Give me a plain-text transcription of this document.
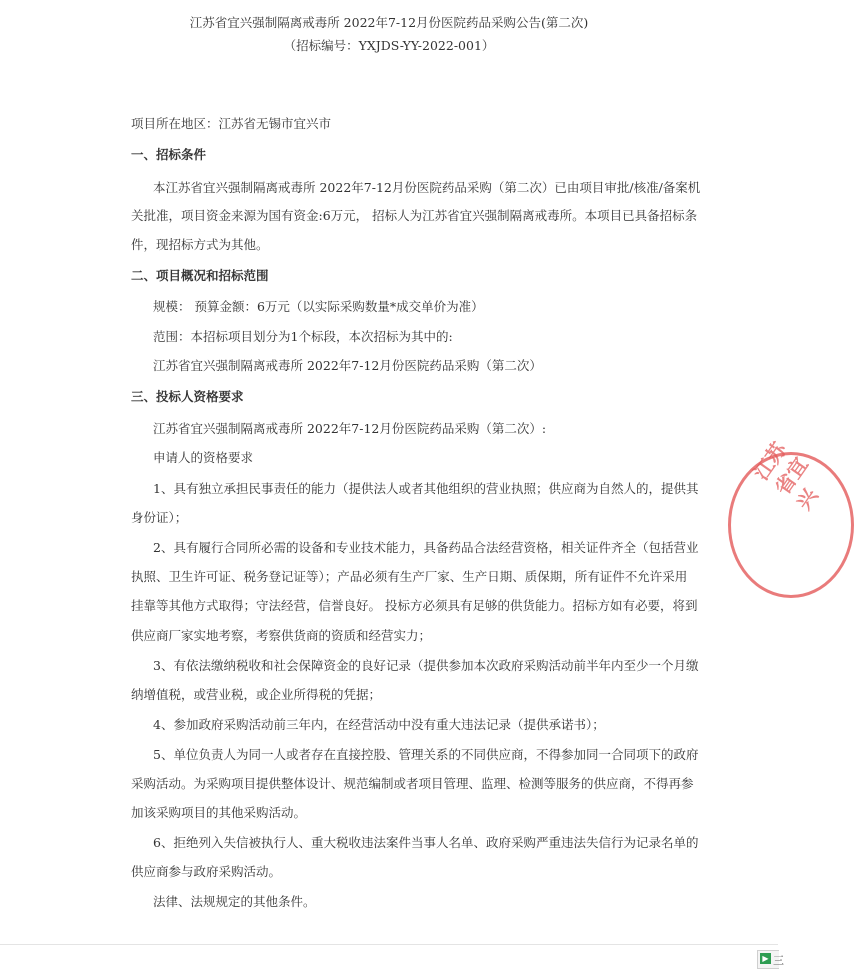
江苏省宜兴强制隔离戒毒所 2022年7-12月份医院药品采购公告(第二次)
（招标编号：YXJDS-YY-2022-001）
项目所在地区：江苏省无锡市宜兴市
一、招标条件
本江苏省宜兴强制隔离戒毒所 2022年7-12月份医院药品采购（第二次）已由项目审批/核准/备案机
关批准，项目资金来源为国有资金:6万元， 招标人为江苏省宜兴强制隔离戒毒所。本项目已具备招标条
件，现招标方式为其他。
二、项目概况和招标范围
规模： 预算金额：6万元（以实际采购数量*成交单价为准）
范围：本招标项目划分为1个标段，本次招标为其中的:
江苏省宜兴强制隔离戒毒所 2022年7-12月份医院药品采购（第二次）
三、投标人资格要求
江苏省宜兴强制隔离戒毒所 2022年7-12月份医院药品采购（第二次）:
申请人的资格要求
1、具有独立承担民事责任的能力（提供法人或者其他组织的营业执照；供应商为自然人的，提供其
身份证）；
2、具有履行合同所必需的设备和专业技术能力，具备药品合法经营资格，相关证件齐全（包括营业
执照、卫生许可证、税务登记证等）；产品必须有生产厂家、生产日期、质保期，所有证件不允许采用
挂靠等其他方式取得；守法经营，信誉良好。 投标方必须具有足够的供货能力。招标方如有必要，将到
供应商厂家实地考察，考察供货商的资质和经营实力；
3、有依法缴纳税收和社会保障资金的良好记录（提供参加本次政府采购活动前半年内至少一个月缴
纳增值税，或营业税，或企业所得税的凭据；
4、参加政府采购活动前三年内，在经营活动中没有重大违法记录（提供承诺书）；
5、单位负责人为同一人或者存在直接控股、管理关系的不同供应商，不得参加同一合同项下的政府
采购活动。为采购项目提供整体设计、规范编制或者项目管理、监理、检测等服务的供应商，不得再参
加该采购项目的其他采购活动。
6、拒绝列入失信被执行人、重大税收违法案件当事人名单、政府采购严重违法失信行为记录名单的
供应商参与政府采购活动。
法律、法规规定的其他条件。
江苏省宜兴
▶ 三
